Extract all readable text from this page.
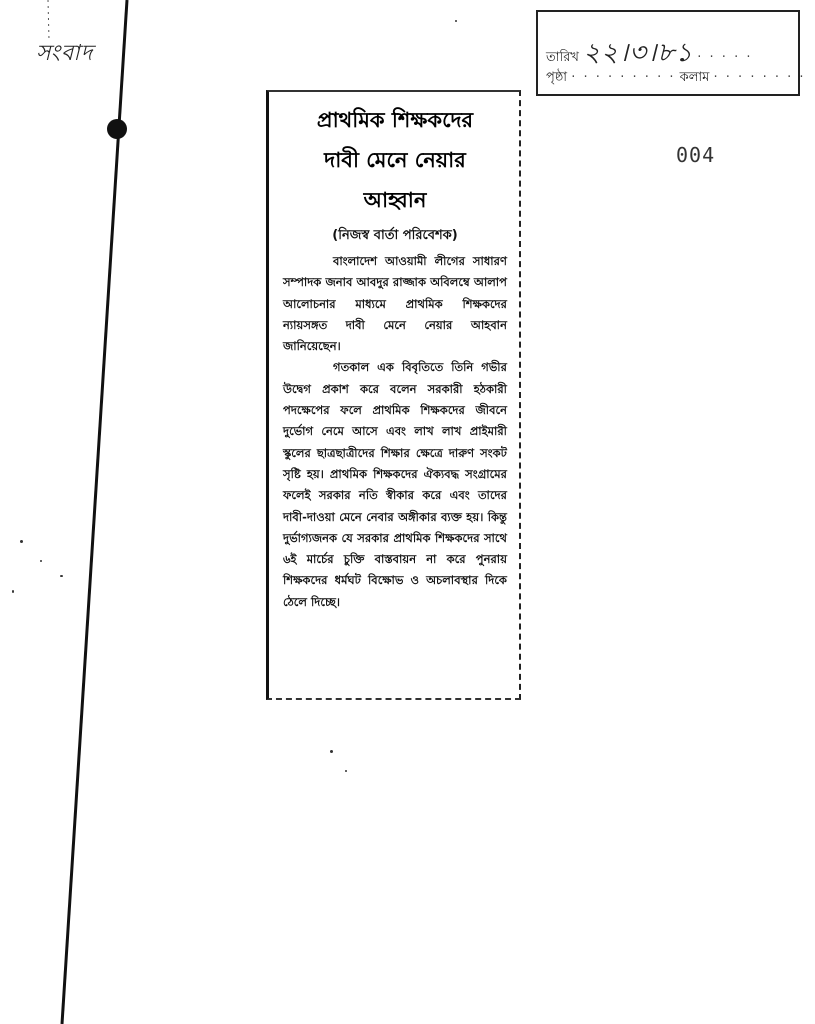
সংবাদ	তারিখ ২২।৩।৮১ · · · · ·
পৃষ্ঠা · · · · · · · · · কলাম · · · · · · · ·
004
প্রাথমিক শিক্ষকদের
দাবী মেনে নেয়ার
আহ্বান
(নিজস্ব বার্তা পরিবেশক)

বাংলাদেশ আওয়ামী লীগের সাধারণ সম্পাদক জনাব আবদুর রাজ্জাক অবিলম্বে আলাপ আলোচনার মাধ্যমে প্রাথমিক শিক্ষকদের ন্যায়সঙ্গত দাবী মেনে নেয়ার আহবান জানিয়েছেন।

গতকাল এক বিবৃতিতে তিনি গভীর উদ্বেগ প্রকাশ করে বলেন সরকারী হঠকারী পদক্ষেপের ফলে প্রাথমিক শিক্ষকদের জীবনে দুর্ভোগ নেমে আসে এবং লাখ লাখ প্রাইমারী স্কুলের ছাত্রছাত্রীদের শিক্ষার ক্ষেত্রে দারুণ সংকট সৃষ্টি হয়। প্রাথমিক শিক্ষকদের ঐক্যবদ্ধ সংগ্রামের ফলেই সরকার নতি স্বীকার করে এবং তাদের দাবী-দাওয়া মেনে নেবার অঙ্গীকার ব্যক্ত হয়। কিন্তু দুর্ভাগ্যজনক যে সরকার প্রাথমিক শিক্ষকদের সাথে ৬ই মার্চের চুক্তি বাস্তবায়ন না করে পুনরায় শিক্ষকদের ধর্মঘট বিক্ষোভ ও অচলাবস্থার দিকে ঠেলে দিচ্ছে।
